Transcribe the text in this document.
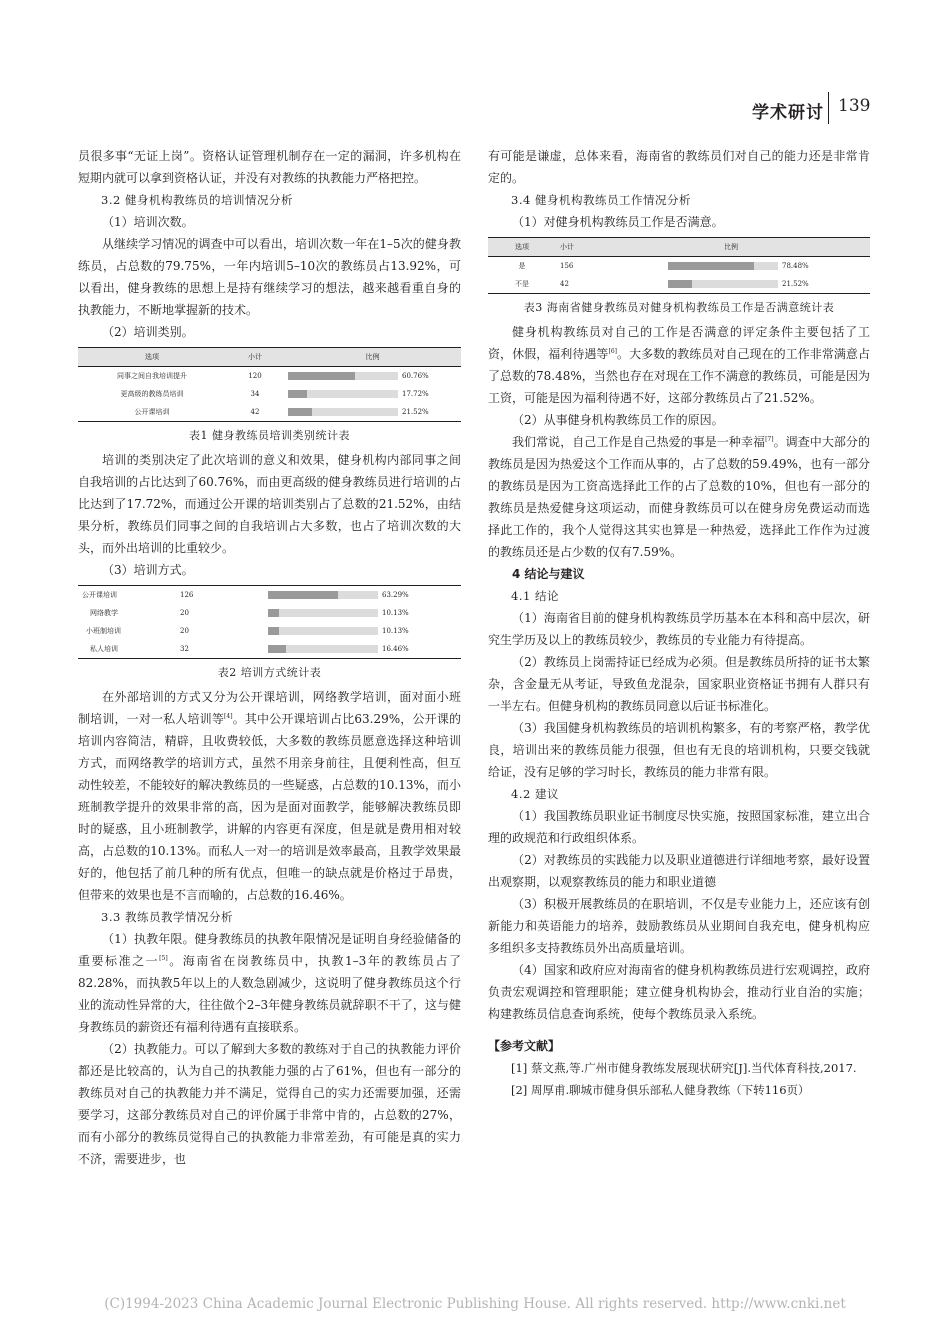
学术研讨 139

员很多事“无证上岗”。资格认证管理机制存在一定的漏洞，许多机构在短期内就可以拿到资格认证，并没有对教练的执教能力严格把控。

3.2 健身机构教练员的培训情况分析

（1）培训次数。

从继续学习情况的调查中可以看出，培训次数一年在1–5次的健身教练员，占总数的79.75%，一年内培训5–10次的教练员占13.92%，可以看出，健身教练的思想上是持有继续学习的想法，越来越看重自身的执教能力，不断地掌握新的技术。

（2）培训类别。

选项	小计	比例
同事之间自我培训提升	120	60.76%
更高级的教练员培训	34	17.72%
公开课培训	42	21.52%
表1 健身教练员培训类别统计表

培训的类别决定了此次培训的意义和效果，健身机构内部同事之间自我培训的占比达到了60.76%，而由更高级的健身教练员进行培训的占比达到了17.72%，而通过公开课的培训类别占了总数的21.52%，由结果分析，教练员们同事之间的自我培训占大多数，也占了培训次数的大头，而外出培训的比重较少。

（3）培训方式。

公开课培训	126	63.29%
网络教学	20	10.13%
小班制培训	20	10.13%
私人培训	32	16.46%
表2 培训方式统计表

在外部培训的方式又分为公开课培训，网络教学培训，面对面小班制培训，一对一私人培训等[4]。其中公开课培训占比63.29%，公开课的培训内容简洁，精辟，且收费较低，大多数的教练员愿意选择这种培训方式，而网络教学的培训方式，虽然不用亲身前往，且便利性高，但互动性较差，不能较好的解决教练员的一些疑惑，占总数的10.13%，而小班制教学提升的效果非常的高，因为是面对面教学，能够解决教练员即时的疑惑，且小班制教学，讲解的内容更有深度，但是就是费用相对较高，占总数的10.13%。而私人一对一的培训是效率最高，且教学效果最好的，他包括了前几种的所有优点，但唯一的缺点就是价格过于昂贵，但带来的效果也是不言而喻的，占总数的16.46%。

3.3 教练员教学情况分析

（1）执教年限。健身教练员的执教年限情况是证明自身经验储备的重要标准之一[5]。海南省在岗教练员中，执教1–3年的教练员占了82.28%，而执教5年以上的人数急剧减少，这说明了健身教练员这个行业的流动性异常的大，往往做个2–3年健身教练员就辞职不干了，这与健身教练员的薪资还有福利待遇有直接联系。

（2）执教能力。可以了解到大多数的教练对于自己的执教能力评价都还是比较高的，认为自己的执教能力强的占了61%，但也有一部分的教练员对自己的执教能力并不满足，觉得自己的实力还需要加强，还需要学习，这部分教练员对自己的评价属于非常中肯的，占总数的27%，而有小部分的教练员觉得自己的执教能力非常差劲，有可能是真的实力不济，需要进步，也

有可能是谦虚，总体来看，海南省的教练员们对自己的能力还是非常肯定的。

3.4 健身机构教练员工作情况分析

（1）对健身机构教练员工作是否满意。

选项	小计	比例
是	156	78.48%
不是	42	21.52%
表3 海南省健身教练员对健身机构教练员工作是否满意统计表

健身机构教练员对自己的工作是否满意的评定条件主要包括了工资，休假，福利待遇等[6]。大多数的教练员对自己现在的工作非常满意占了总数的78.48%，当然也存在对现在工作不满意的教练员，可能是因为工资，可能是因为福利待遇不好，这部分教练员占了21.52%。

（2）从事健身机构教练员工作的原因。

我们常说，自己工作是自己热爱的事是一种幸福[7]。调查中大部分的教练员是因为热爱这个工作而从事的，占了总数的59.49%，也有一部分的教练员是因为工资高选择此工作的占了总数的10%，但也有一部分的教练员是热爱健身这项运动，而健身教练员可以在健身房免费运动而选择此工作的，我个人觉得这其实也算是一种热爱，选择此工作作为过渡的教练员还是占少数的仅有7.59%。

4 结论与建议

4.1 结论

（1）海南省目前的健身机构教练员学历基本在本科和高中层次，研究生学历及以上的教练员较少，教练员的专业能力有待提高。

（2）教练员上岗需持证已经成为必须。但是教练员所持的证书太繁杂，含金量无从考证，导致鱼龙混杂，国家职业资格证书拥有人群只有一半左右。但健身机构的教练员同意以后证书标准化。

（3）我国健身机构教练员的培训机构繁多，有的考察严格，教学优良，培训出来的教练员能力很强，但也有无良的培训机构，只要交钱就给证，没有足够的学习时长，教练员的能力非常有限。

4.2 建议

（1）我国教练员职业证书制度尽快实施，按照国家标准，建立出合理的政规范和行政组织体系。

（2）对教练员的实践能力以及职业道德进行详细地考察，最好设置出观察期，以观察教练员的能力和职业道德

（3）积极开展教练员的在职培训，不仅是专业能力上，还应该有创新能力和英语能力的培养，鼓励教练员从业期间自我充电，健身机构应多组织多支持教练员外出高质量培训。

（4）国家和政府应对海南省的健身机构教练员进行宏观调控，政府负责宏观调控和管理职能；建立健身机构协会，推动行业自治的实施；构建教练员信息查询系统，使每个教练员录入系统。

【参考文献】
[1] 蔡文燕,等.广州市健身教练发展现状研究[J].当代体育科技,2017.
[2] 周厚甫.聊城市健身俱乐部私人健身教练（下转116页）
(C)1994-2023 China Academic Journal Electronic Publishing House. All rights reserved. http://www.cnki.net
